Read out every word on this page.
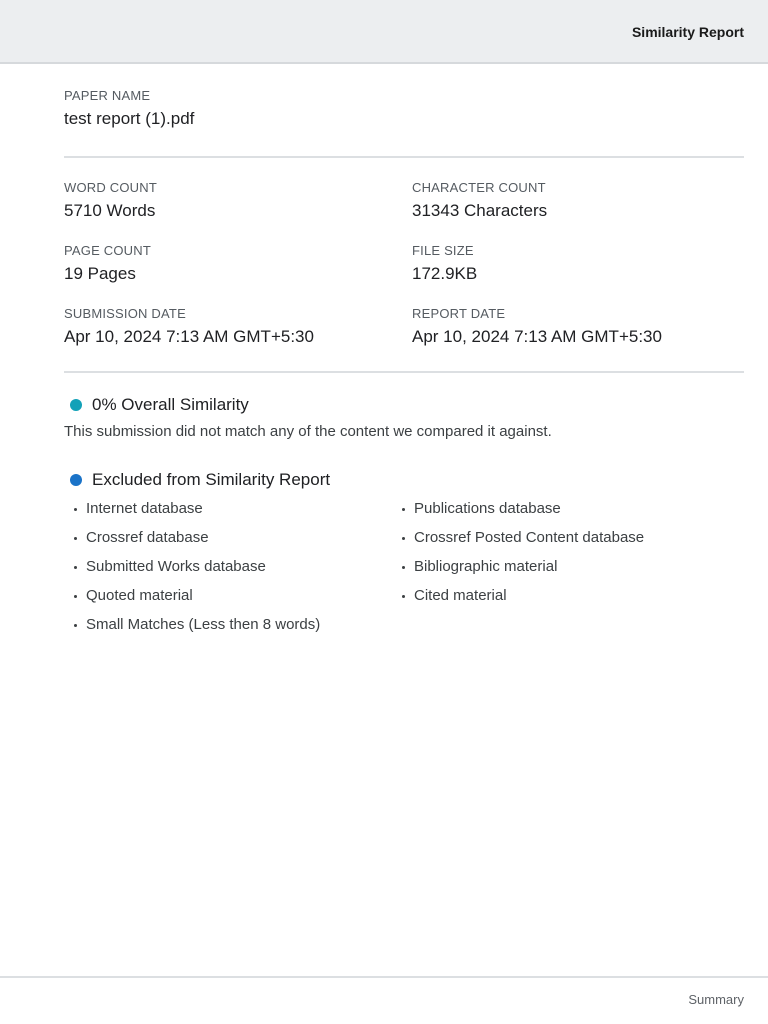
Similarity Report
PAPER NAME
test report (1).pdf
WORD COUNT
5710 Words
CHARACTER COUNT
31343 Characters
PAGE COUNT
19 Pages
FILE SIZE
172.9KB
SUBMISSION DATE
Apr 10, 2024 7:13 AM GMT+5:30
REPORT DATE
Apr 10, 2024 7:13 AM GMT+5:30
0% Overall Similarity
This submission did not match any of the content we compared it against.
Excluded from Similarity Report
Internet database
Crossref database
Submitted Works database
Quoted material
Small Matches (Less then 8 words)
Publications database
Crossref Posted Content database
Bibliographic material
Cited material
Summary
